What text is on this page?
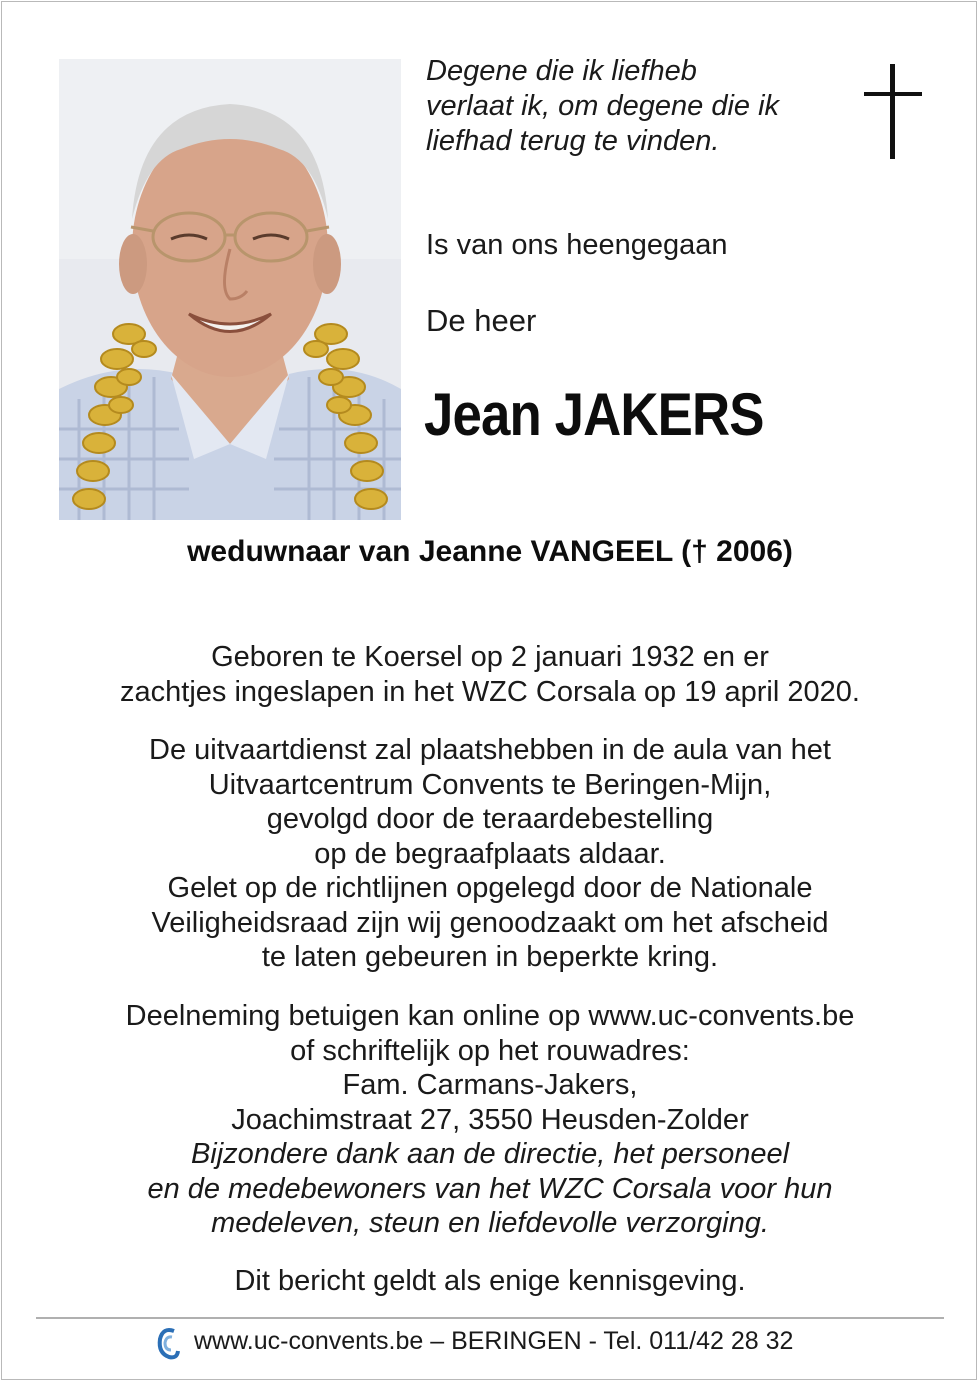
Degene die ik liefheb
verlaat ik, om degene die ik
liefhad terug te vinden.
Is van ons heengegaan
De heer
Jean JAKERS
weduwnaar van Jeanne VANGEEL († 2006)
Geboren te Koersel op 2 januari 1932 en er
zachtjes ingeslapen in het WZC Corsala op 19 april 2020.
De uitvaartdienst zal plaatshebben in de aula van het
Uitvaartcentrum Convents te Beringen-Mijn,
gevolgd door de teraardebestelling
op de begraafplaats aldaar.
Gelet op de richtlijnen opgelegd door de Nationale
Veiligheidsraad zijn wij genoodzaakt om het afscheid
te laten gebeuren in beperkte kring.
Deelneming betuigen kan online op www.uc-convents.be
of schriftelijk op het rouwadres:
Fam. Carmans-Jakers,
Joachimstraat 27, 3550 Heusden-Zolder
Bijzondere dank aan de directie, het personeel
en de medebewoners van het WZC Corsala voor hun
medeleven, steun en liefdevolle verzorging.
Dit bericht geldt als enige kennisgeving.
www.uc-convents.be – BERINGEN - Tel. 011/42 28 32
